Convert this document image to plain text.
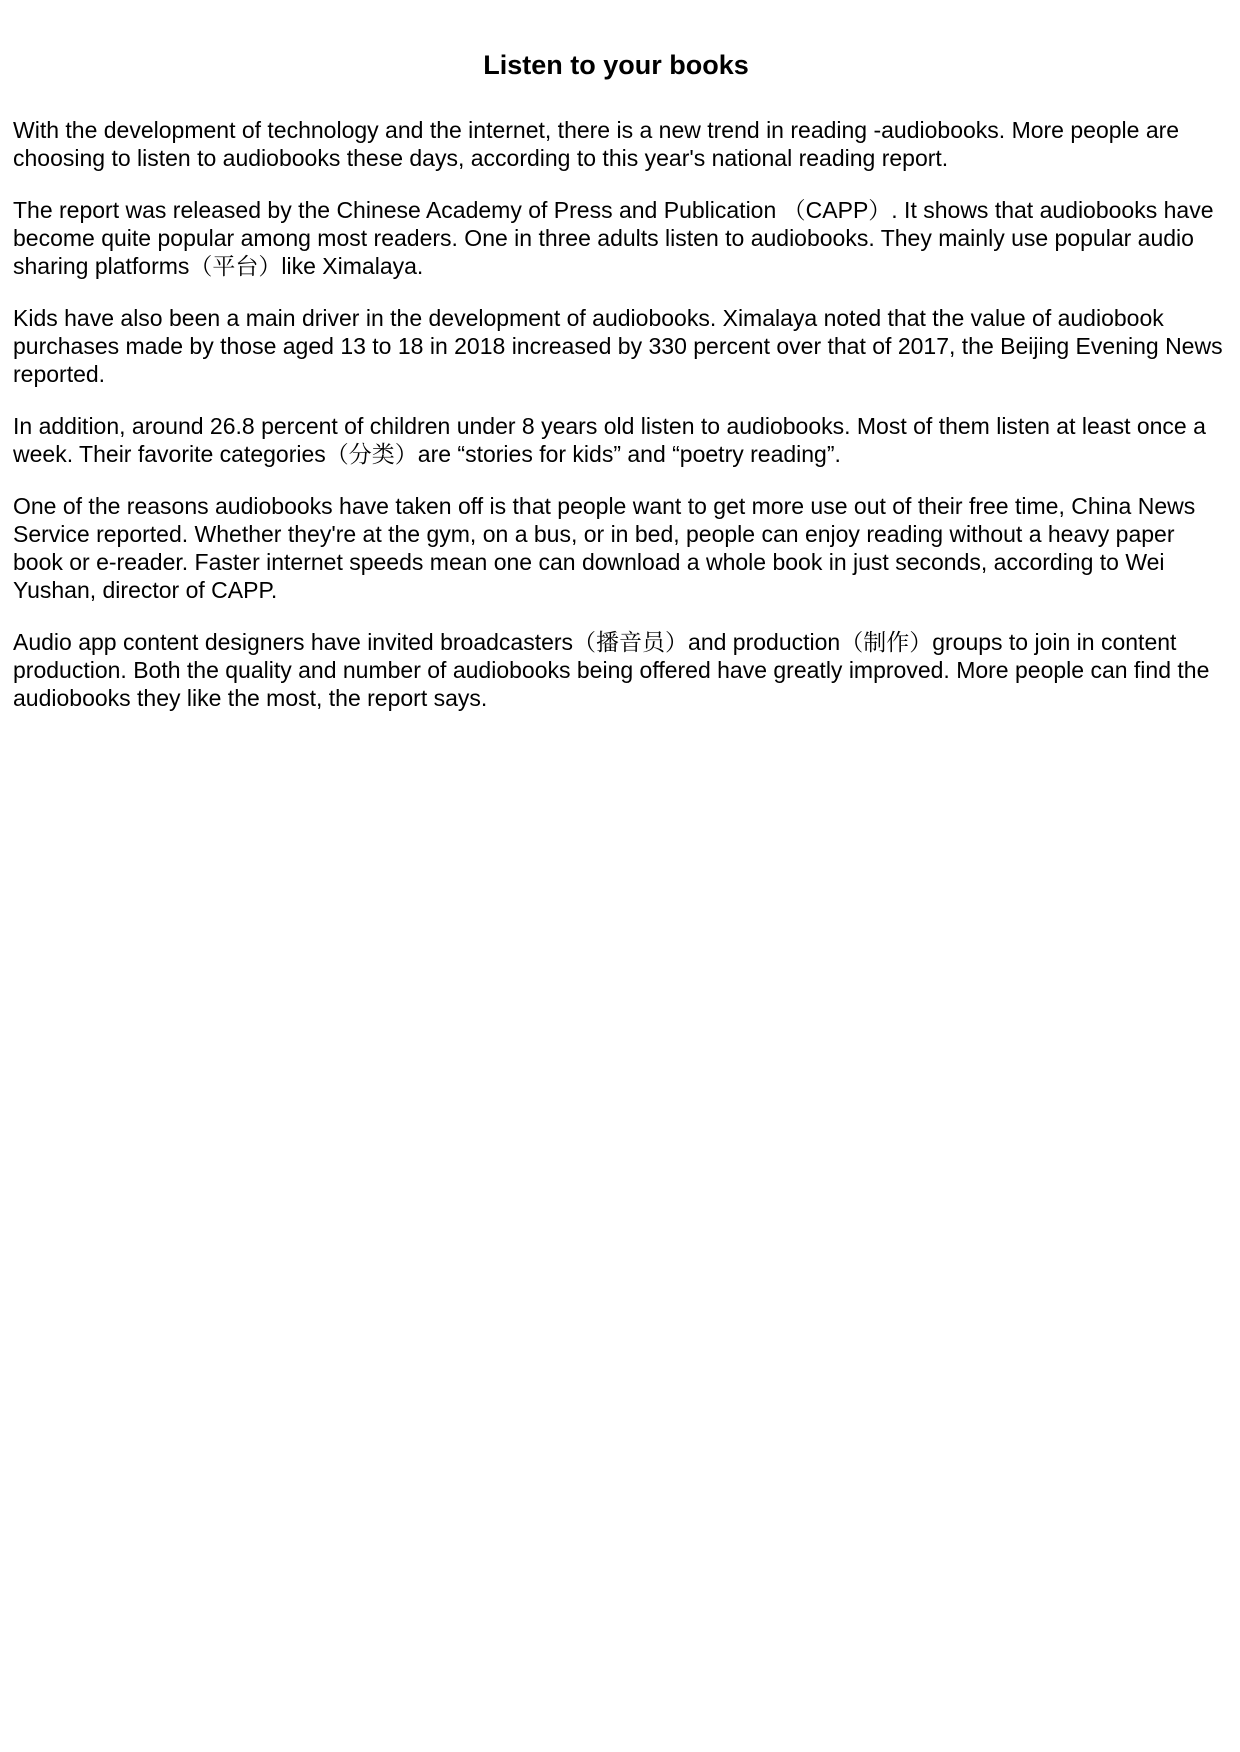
Listen to your books

With the development of technology and the internet, there is a new trend in reading -audiobooks. More people are choosing to listen to audiobooks these days, according to this year's national reading report.

The report was released by the Chinese Academy of Press and Publication （CAPP）. It shows that audiobooks have become quite popular among most readers. One in three adults listen to audiobooks. They mainly use popular audio sharing platforms（平台）like Ximalaya.

Kids have also been a main driver in the development of audiobooks. Ximalaya noted that the value of audiobook purchases made by those aged 13 to 18 in 2018 increased by 330 percent over that of 2017, the Beijing Evening News reported.

In addition, around 26.8 percent of children under 8 years old listen to audiobooks. Most of them listen at least once a week. Their favorite categories（分类）are “stories for kids” and “poetry reading”.

One of the reasons audiobooks have taken off is that people want to get more use out of their free time, China News Service reported. Whether they're at the gym, on a bus, or in bed, people can enjoy reading without a heavy paper book or e-reader. Faster internet speeds mean one can download a whole book in just seconds, according to Wei Yushan, director of CAPP.

Audio app content designers have invited broadcasters（播音员）and production（制作）groups to join in content production. Both the quality and number of audiobooks being offered have greatly improved. More people can find the audiobooks they like the most, the report says.
